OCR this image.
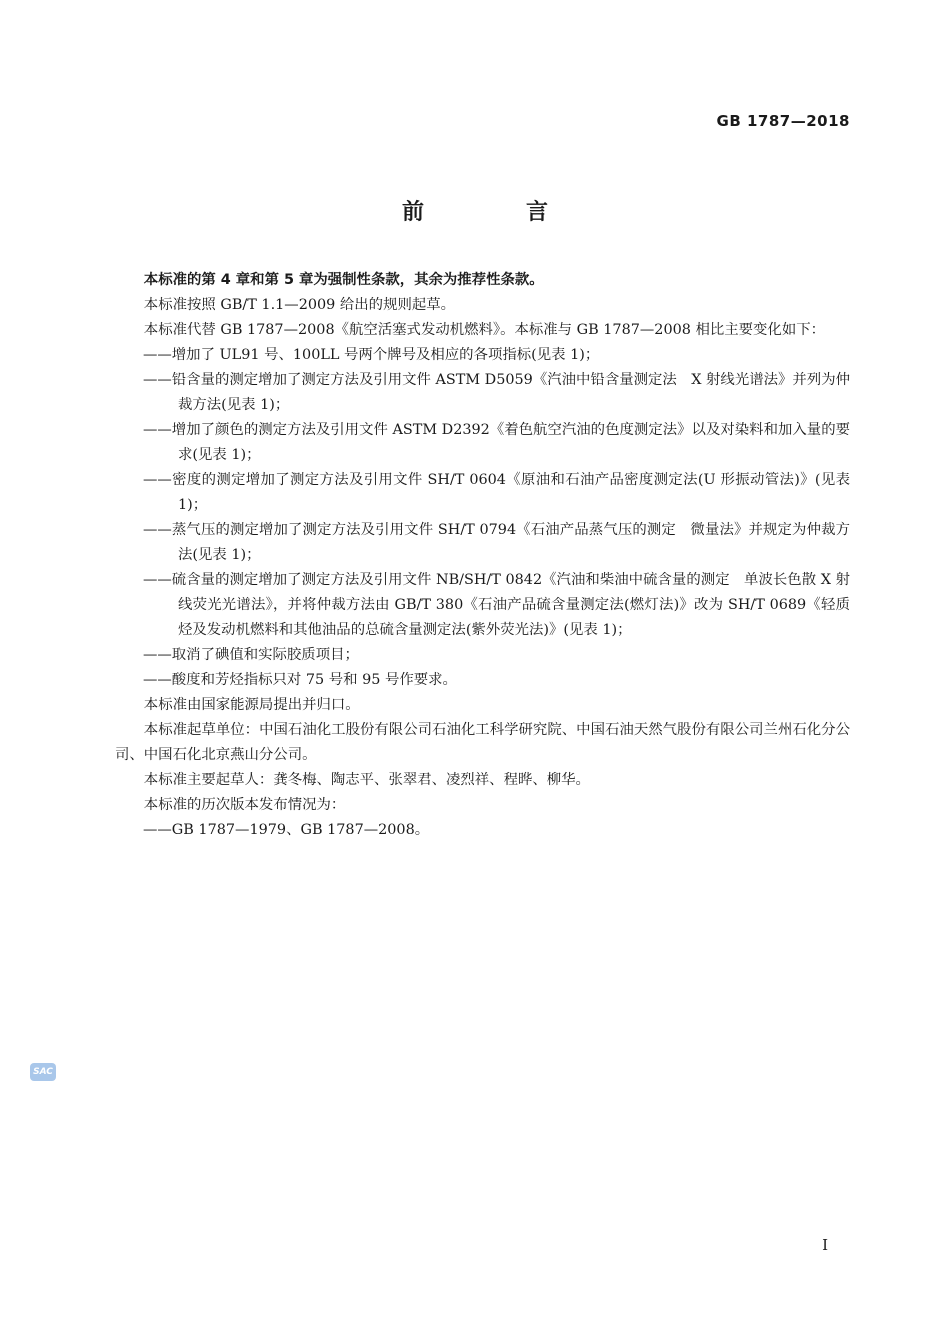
GB 1787—2018
前　言

本标准的第 4 章和第 5 章为强制性条款，其余为推荐性条款。

本标准按照 GB/T 1.1—2009 给出的规则起草。

本标准代替 GB 1787—2008《航空活塞式发动机燃料》。本标准与 GB 1787—2008 相比主要变化如下：

——增加了 UL91 号、100LL 号两个牌号及相应的各项指标(见表 1)；

——铅含量的测定增加了测定方法及引用文件 ASTM D5059《汽油中铅含量测定法　X 射线光谱法》并列为仲裁方法(见表 1)；

——增加了颜色的测定方法及引用文件 ASTM D2392《着色航空汽油的色度测定法》以及对染料和加入量的要求(见表 1)；

——密度的测定增加了测定方法及引用文件 SH/T 0604《原油和石油产品密度测定法(U 形振动管法)》(见表 1)；

——蒸气压的测定增加了测定方法及引用文件 SH/T 0794《石油产品蒸气压的测定　微量法》并规定为仲裁方法(见表 1)；

——硫含量的测定增加了测定方法及引用文件 NB/SH/T 0842《汽油和柴油中硫含量的测定　单波长色散 X 射线荧光光谱法》，并将仲裁方法由 GB/T 380《石油产品硫含量测定法(燃灯法)》改为 SH/T 0689《轻质烃及发动机燃料和其他油品的总硫含量测定法(紫外荧光法)》(见表 1)；

——取消了碘值和实际胶质项目；

——酸度和芳烃指标只对 75 号和 95 号作要求。

本标准由国家能源局提出并归口。

本标准起草单位：中国石油化工股份有限公司石油化工科学研究院、中国石油天然气股份有限公司兰州石化分公司、中国石化北京燕山分公司。

本标准主要起草人：龚冬梅、陶志平、张翠君、凌烈祥、程晔、柳华。

本标准的历次版本发布情况为：

——GB 1787—1979、GB 1787—2008。

SAC
Ⅰ
